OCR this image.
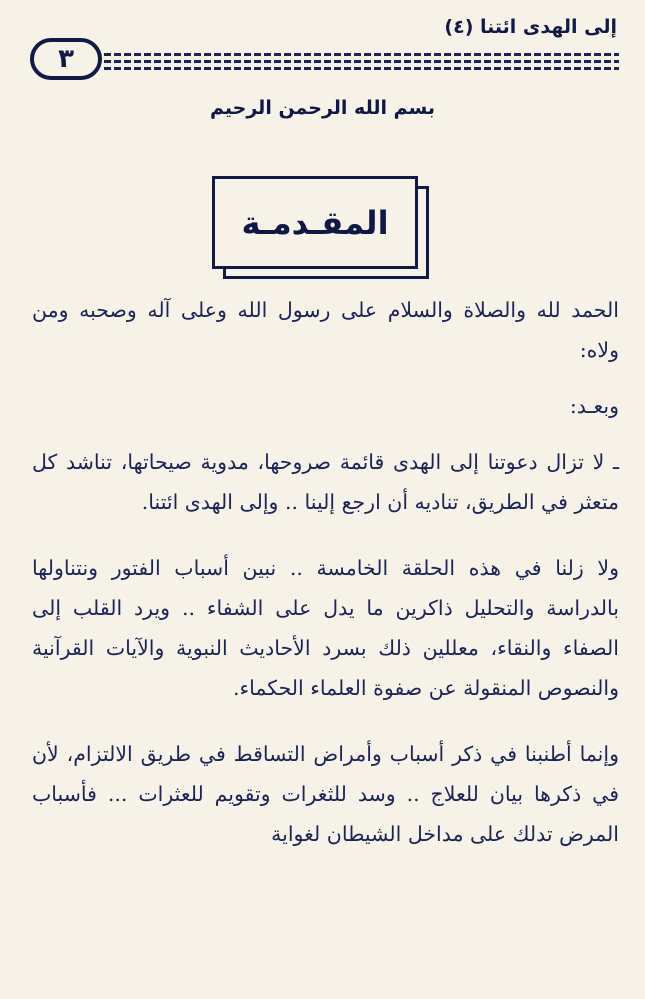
إلى الهدى ائتنا (٤)
٣
بسم الله الرحمن الرحيم
المقـدمـة

الحمد لله والصلاة والسلام على رسول الله وعلى آله وصحبه ومن ولاه:

وبعـد:

ـ لا تزال دعوتنا إلى الهدى قائمة صروحها، مدوية صيحاتها، تناشد كل متعثر في الطريق، تناديه أن ارجع إلينا .. وإلى الهدى ائتنا.

ولا زلنا في هذه الحلقة الخامسة .. نبين أسباب الفتور ونتناولها بالدراسة والتحليل ذاكرين ما يدل على الشفاء .. ويرد القلب إلى الصفاء والنقاء، معللين ذلك بسرد الأحاديث النبوية والآيات القرآنية والنصوص المنقولة عن صفوة العلماء الحكماء.

وإنما أطنبنا في ذكر أسباب وأمراض التساقط في طريق الالتزام، لأن في ذكرها بيان للعلاج .. وسد للثغرات وتقويم للعثرات ... فأسباب المرض تدلك على مداخل الشيطان لغواية
